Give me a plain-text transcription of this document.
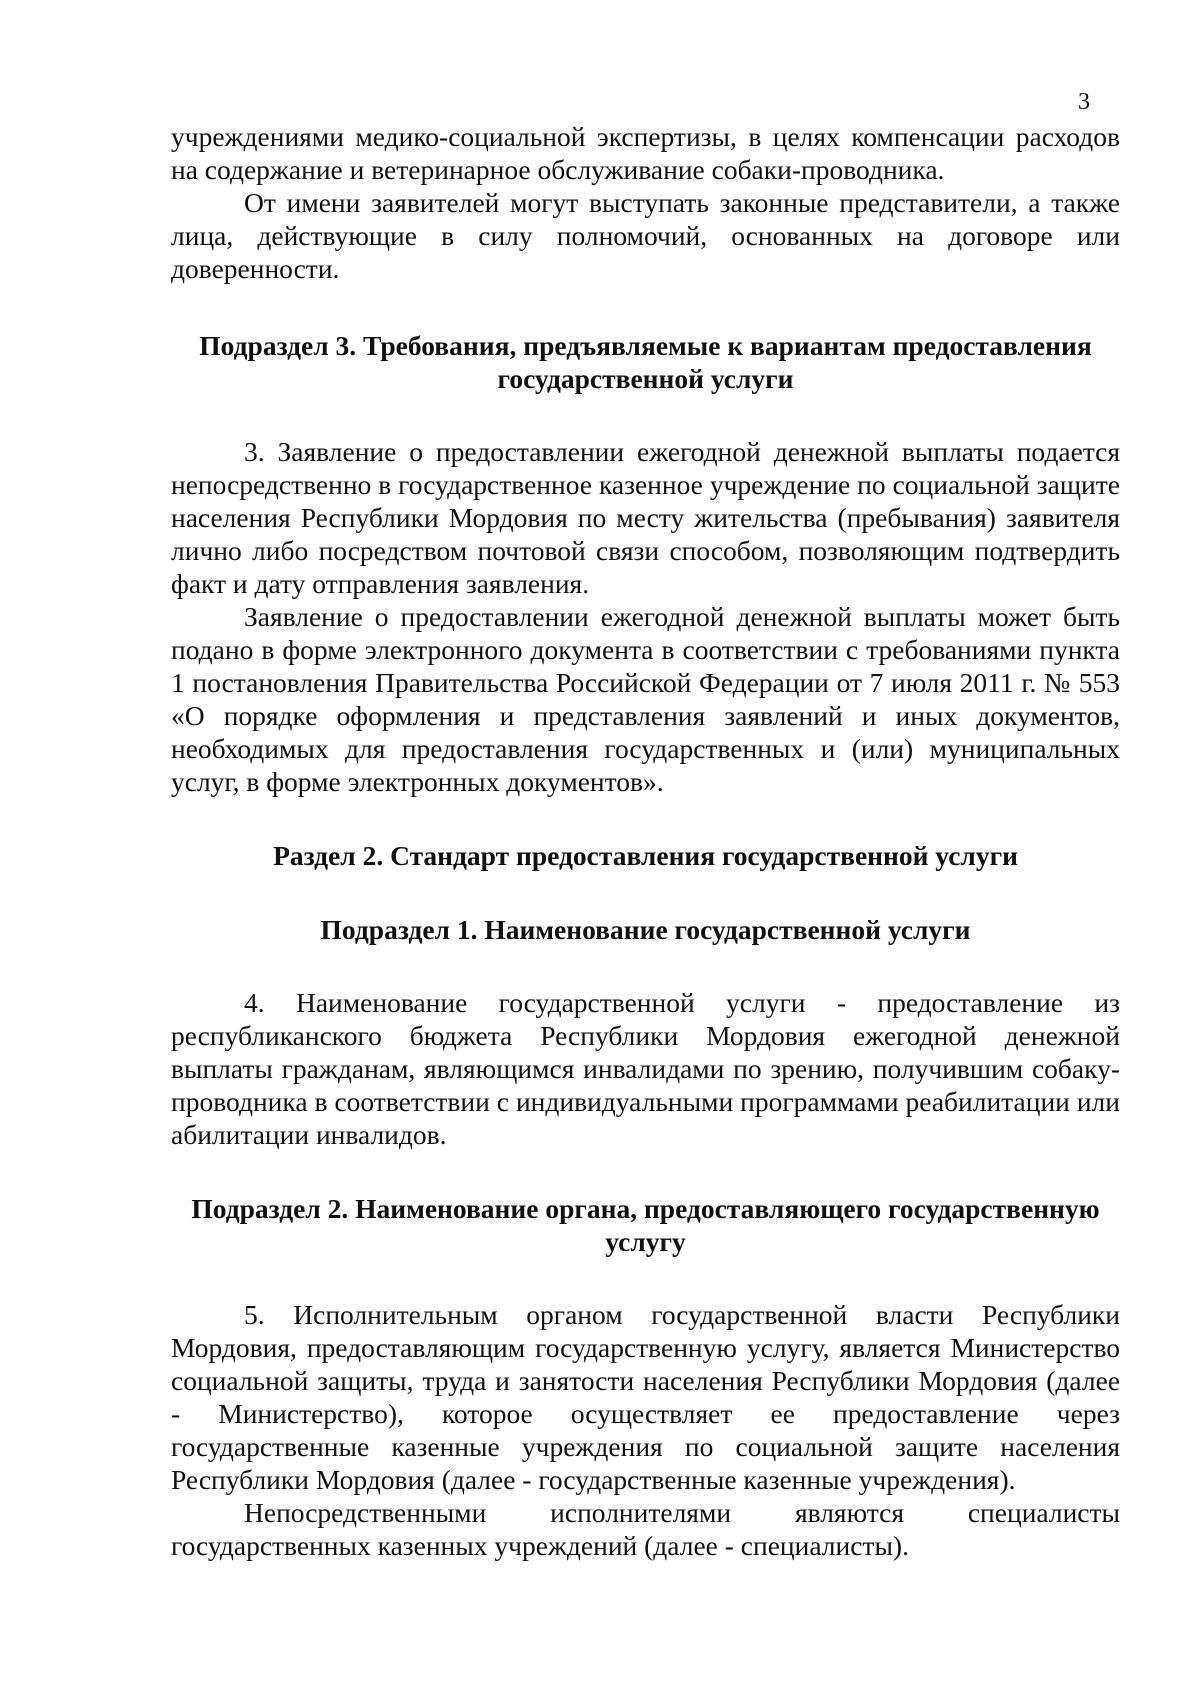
3

учреждениями медико-социальной экспертизы, в целях компенсации расходов на содержание и ветеринарное обслуживание собаки-проводника.

От имени заявителей могут выступать законные представители, а также лица, действующие в силу полномочий, основанных на договоре или доверенности.

Подраздел 3. Требования, предъявляемые к вариантам предоставления государственной услуги

3. Заявление о предоставлении ежегодной денежной выплаты подается непосредственно в государственное казенное учреждение по социальной защите населения Республики Мордовия по месту жительства (пребывания) заявителя лично либо посредством почтовой связи способом, позволяющим подтвердить факт и дату отправления заявления.

Заявление о предоставлении ежегодной денежной выплаты может быть подано в форме электронного документа в соответствии с требованиями пункта 1 постановления Правительства Российской Федерации от 7 июля 2011 г. № 553 «О порядке оформления и представления заявлений и иных документов, необходимых для предоставления государственных и (или) муниципальных услуг, в форме электронных документов».

Раздел 2. Стандарт предоставления государственной услуги
Подраздел 1. Наименование государственной услуги

4. Наименование государственной услуги - предоставление из республиканского бюджета Республики Мордовия ежегодной денежной выплаты гражданам, являющимся инвалидами по зрению, получившим собаку-проводника в соответствии с индивидуальными программами реабилитации или абилитации инвалидов.

Подраздел 2. Наименование органа, предоставляющего государственную услугу

5. Исполнительным органом государственной власти Республики Мордовия, предоставляющим государственную услугу, является Министерство социальной защиты, труда и занятости населения Республики Мордовия (далее - Министерство), которое осуществляет ее предоставление через государственные казенные учреждения по социальной защите населения Республики Мордовия (далее - государственные казенные учреждения).

Непосредственными исполнителями являются специалисты государственных казенных учреждений (далее - специалисты).
